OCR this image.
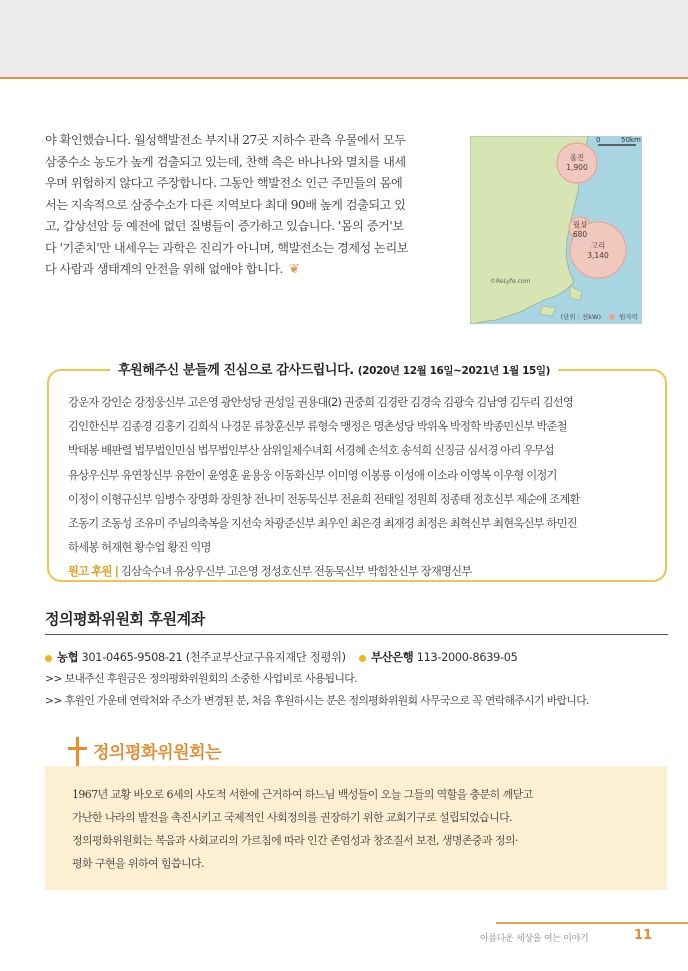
야 확인했습니다. 월성핵발전소 부지내 27곳 지하수 관측 우물에서 모두
삼중수소 농도가 높게 검출되고 있는데, 찬핵 측은 바나나와 멸치를 내세
우며 위험하지 않다고 주장합니다. 그동안 핵발전소 인근 주민들의 몸에
서는 지속적으로 삼중수소가 다른 지역보다 최대 90배 높게 검출되고 있
고, 갑상선암 등 예전에 없던 질병들이 증가하고 있습니다. '몸의 증거'보
다 '기준치'만 내세우는 과학은 진리가 아니며, 핵발전소는 경제성 논리보
다 사람과 생태계의 안전을 위해 없애야 합니다. ❦
0	50km
울진
1,900
월성
680
고리
3,140
©ReLyfe.com
(단위 : 천kW)	원자력
후원해주신 분들께 진심으로 감사드립니다. (2020년 12월 16일~2021년 1월 15일)
강운자 강인순 강정웅신부 고은영 광안성당 권성일 권용대(2) 권중희 김경란 김경숙 김광숙 김남영 김두리 김선영
김인한신부 김종경 김홍기 김희식 나경문 류창훈신부 류형숙 맹정은 명촌성당 박위옥 박정학 박종민신부 박준철
박태봉 배판렬 법무법인민심 법무법인부산 삼위일체수녀회 서경혜 손석호 송석희 신징금 심서경 아리 우무섭
유상우신부 유연창신부 유한이 윤영훈 윤용웅 이동화신부 이미영 이봉룡 이성애 이소라 이영복 이우형 이정기
이정이 이형규신부 임병수 장명화 장원창 전나미 전동묵신부 전윤희 전태일 정원희 정종태 정호신부 제순애 조계환
조동기 조동성 조유미 주님의축복을 지선숙 차광준신부 최우인 최은경 최재경 최정은 최혁신부 최현욱신부 하민진
하세봉 허재현 황수업 황진 익명
원고 후원 | 김삼숙수녀 유상우신부 고은영 정성호신부 전동묵신부 박힘찬신부 장재명신부
정의평화위원회 후원계좌
농협 301-0465-9508-21 (천주교부산교구유지재단 정평위) 부산은행 113-2000-8639-05
>> 보내주신 후원금은 정의평화위원회의 소중한 사업비로 사용됩니다.
>> 후원인 가운데 연락처와 주소가 변경된 분, 처음 후원하시는 분은 정의평화위원회 사무국으로 꼭 연락해주시기 바랍니다.
정의평화위원회는
1967년 교황 바오로 6세의 사도적 서한에 근거하여 하느님 백성들이 오늘 그들의 역할을 충분히 깨닫고
가난한 나라의 발전을 촉진시키고 국제적인 사회정의를 권장하기 위한 교회기구로 설립되었습니다.
정의평화위원회는 복음과 사회교리의 가르침에 따라 인간 존엄성과 창조질서 보전, 생명존중과 정의·
평화 구현을 위하여 힘씁니다.
아름다운 세상을 여는 이야기	11
